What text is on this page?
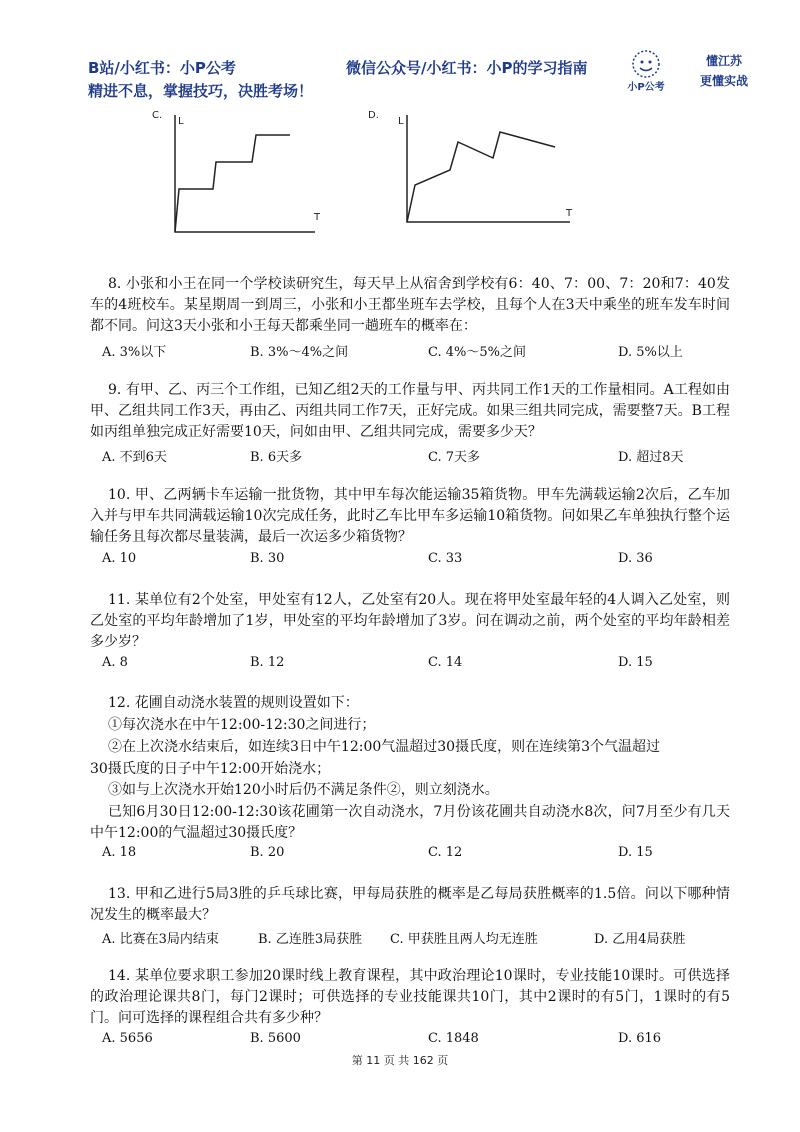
B站/小红书：小P公考
精进不息，掌握技巧，决胜考场！
微信公众号/小红书：小P的学习指南
小P公考
懂江苏
更懂实战
C.
L
T
D.
L
T
8. 小张和小王在同一个学校读研究生，每天早上从宿舍到学校有6：40、7：00、7：20和7：40发车的4班校车。某星期周一到周三，小张和小王都坐班车去学校，且每个人在3天中乘坐的班车发车时间都不同。问这3天小张和小王每天都乘坐同一趟班车的概率在：
A. 3%以下	B. 3%～4%之间	C. 4%～5%之间	D. 5%以上
9. 有甲、乙、丙三个工作组，已知乙组2天的工作量与甲、丙共同工作1天的工作量相同。A工程如由甲、乙组共同工作3天，再由乙、丙组共同工作7天，正好完成。如果三组共同完成，需要整7天。B工程如丙组单独完成正好需要10天，问如由甲、乙组共同完成，需要多少天？
A. 不到6天	B. 6天多	C. 7天多	D. 超过8天
10. 甲、乙两辆卡车运输一批货物，其中甲车每次能运输35箱货物。甲车先满载运输2次后，乙车加入并与甲车共同满载运输10次完成任务，此时乙车比甲车多运输10箱货物。问如果乙车单独执行整个运输任务且每次都尽量装满，最后一次运多少箱货物？
A. 10	B. 30	C. 33	D. 36
11. 某单位有2个处室，甲处室有12人，乙处室有20人。现在将甲处室最年轻的4人调入乙处室，则乙处室的平均年龄增加了1岁，甲处室的平均年龄增加了3岁。问在调动之前，两个处室的平均年龄相差多少岁？
A. 8	B. 12	C. 14	D. 15
12. 花圃自动浇水装置的规则设置如下：
①每次浇水在中午12:00-12:30之间进行；
②在上次浇水结束后，如连续3日中午12:00气温超过30摄氏度，则在连续第3个气温超过
30摄氏度的日子中午12:00开始浇水；
③如与上次浇水开始120小时后仍不满足条件②，则立刻浇水。
已知6月30日12:00-12:30该花圃第一次自动浇水，7月份该花圃共自动浇水8次，问7月至少有几天中午12:00的气温超过30摄氏度？
A. 18	B. 20	C. 12	D. 15
13. 甲和乙进行5局3胜的乒乓球比赛，甲每局获胜的概率是乙每局获胜概率的1.5倍。问以下哪种情况发生的概率最大？
A. 比赛在3局内结束	B. 乙连胜3局获胜 C. 甲获胜且两人均无连胜	D. 乙用4局获胜
14. 某单位要求职工参加20课时线上教育课程，其中政治理论10课时，专业技能10课时。可供选择的政治理论课共8门，每门2课时；可供选择的专业技能课共10门，其中2课时的有5门，1课时的有5门。问可选择的课程组合共有多少种？
A. 5656	B. 5600	C. 1848	D. 616
第 11 页 共 162 页
